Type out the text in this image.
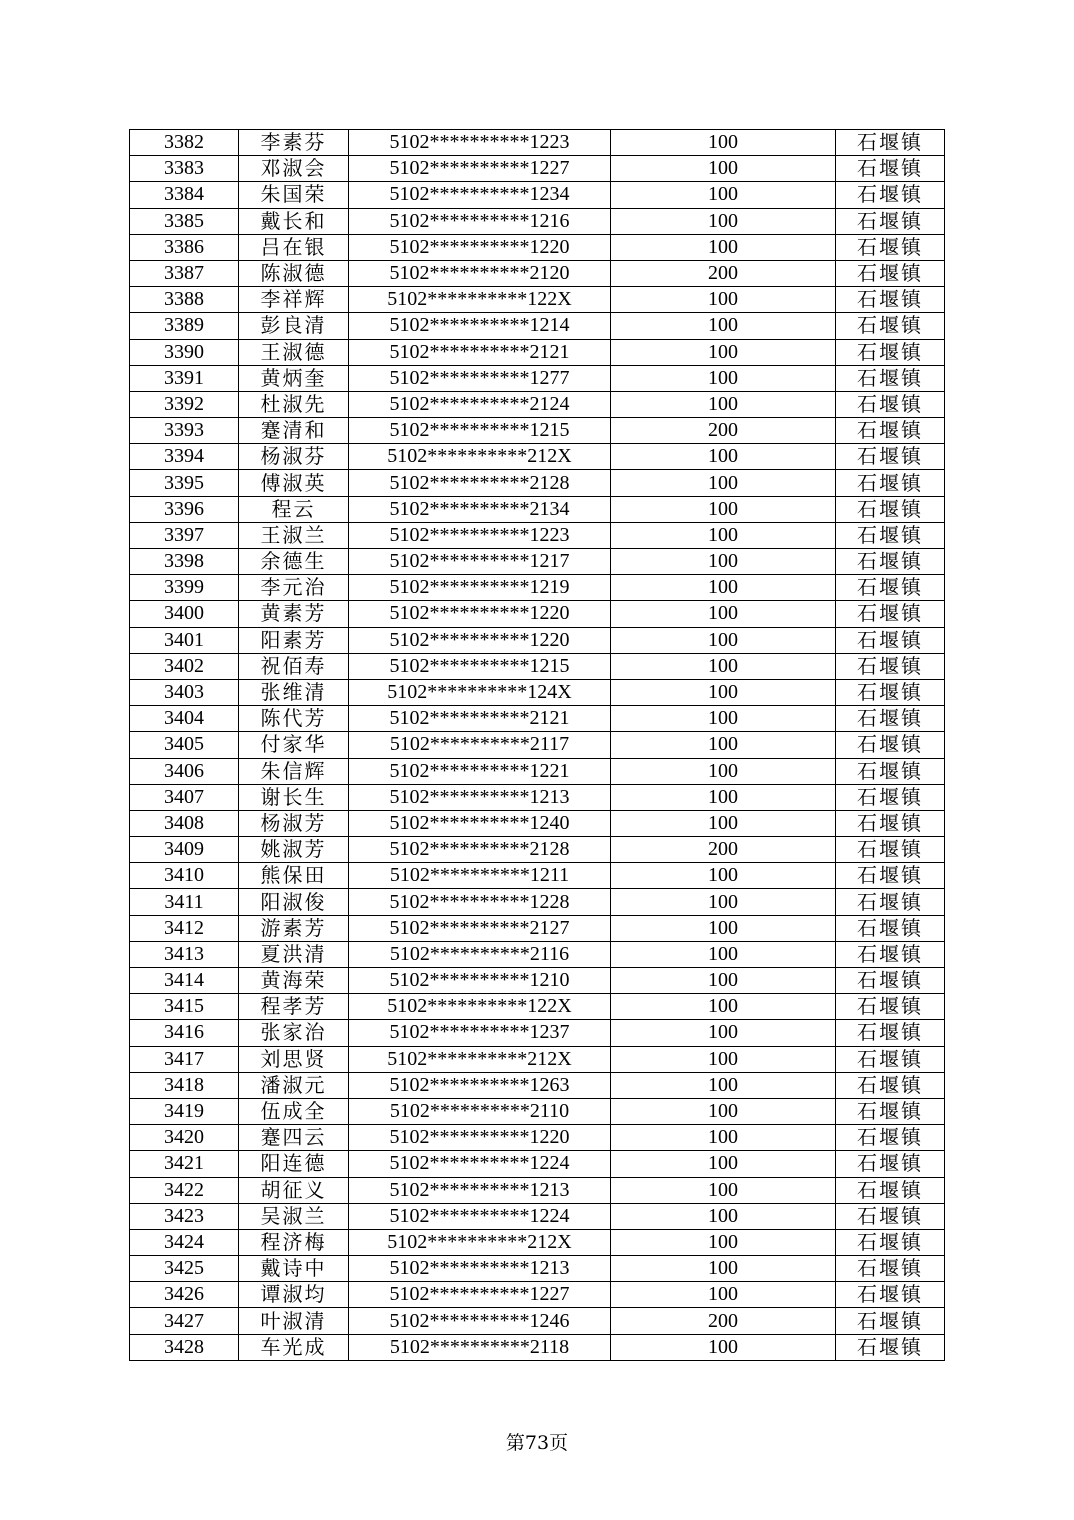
3382	李素芬	5102**********1223	100	石堰镇
3383	邓淑会	5102**********1227	100	石堰镇
3384	朱国荣	5102**********1234	100	石堰镇
3385	戴长和	5102**********1216	100	石堰镇
3386	吕在银	5102**********1220	100	石堰镇
3387	陈淑德	5102**********2120	200	石堰镇
3388	李祥辉	5102**********122X	100	石堰镇
3389	彭良清	5102**********1214	100	石堰镇
3390	王淑德	5102**********2121	100	石堰镇
3391	黄炳奎	5102**********1277	100	石堰镇
3392	杜淑先	5102**********2124	100	石堰镇
3393	蹇清和	5102**********1215	200	石堰镇
3394	杨淑芬	5102**********212X	100	石堰镇
3395	傅淑英	5102**********2128	100	石堰镇
3396	程云	5102**********2134	100	石堰镇
3397	王淑兰	5102**********1223	100	石堰镇
3398	余德生	5102**********1217	100	石堰镇
3399	李元治	5102**********1219	100	石堰镇
3400	黄素芳	5102**********1220	100	石堰镇
3401	阳素芳	5102**********1220	100	石堰镇
3402	祝佰寿	5102**********1215	100	石堰镇
3403	张维清	5102**********124X	100	石堰镇
3404	陈代芳	5102**********2121	100	石堰镇
3405	付家华	5102**********2117	100	石堰镇
3406	朱信辉	5102**********1221	100	石堰镇
3407	谢长生	5102**********1213	100	石堰镇
3408	杨淑芳	5102**********1240	100	石堰镇
3409	姚淑芳	5102**********2128	200	石堰镇
3410	熊保田	5102**********1211	100	石堰镇
3411	阳淑俊	5102**********1228	100	石堰镇
3412	游素芳	5102**********2127	100	石堰镇
3413	夏洪清	5102**********2116	100	石堰镇
3414	黄海荣	5102**********1210	100	石堰镇
3415	程孝芳	5102**********122X	100	石堰镇
3416	张家治	5102**********1237	100	石堰镇
3417	刘思贤	5102**********212X	100	石堰镇
3418	潘淑元	5102**********1263	100	石堰镇
3419	伍成全	5102**********2110	100	石堰镇
3420	蹇四云	5102**********1220	100	石堰镇
3421	阳连德	5102**********1224	100	石堰镇
3422	胡征义	5102**********1213	100	石堰镇
3423	吴淑兰	5102**********1224	100	石堰镇
3424	程济梅	5102**********212X	100	石堰镇
3425	戴诗中	5102**********1213	100	石堰镇
3426	谭淑均	5102**********1227	100	石堰镇
3427	叶淑清	5102**********1246	200	石堰镇
3428	车光成	5102**********2118	100	石堰镇
第73页
